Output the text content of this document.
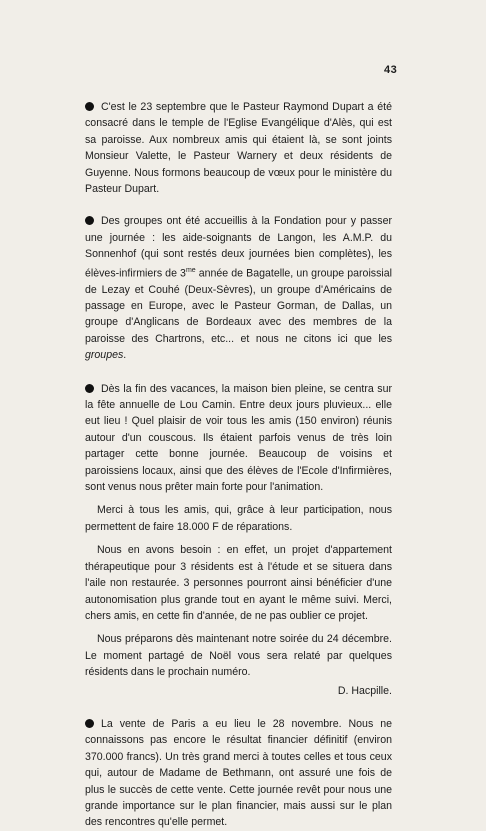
43

C'est le 23 septembre que le Pasteur Raymond Dupart a été consacré dans le temple de l'Eglise Evangélique d'Alès, qui est sa paroisse. Aux nombreux amis qui étaient là, se sont joints Monsieur Valette, le Pasteur Warnery et deux résidents de Guyenne. Nous formons beaucoup de vœux pour le ministère du Pasteur Dupart.

Des groupes ont été accueillis à la Fondation pour y passer une journée : les aide-soignants de Langon, les A.M.P. du Sonnenhof (qui sont restés deux journées bien complètes), les élèves-infirmiers de $3^{me}$ année de Bagatelle, un groupe paroissial de Lezay et Couhé (Deux-Sèvres), un groupe d'Américains de passage en Europe, avec le Pasteur Gorman, de Dallas, un groupe d'Anglicans de Bordeaux avec des membres de la paroisse des Chartrons, etc... et nous ne citons ici que les groupes.

Dès la fin des vacances, la maison bien pleine, se centra sur la fête annuelle de Lou Camin. Entre deux jours pluvieux... elle eut lieu ! Quel plaisir de voir tous les amis (150 environ) réunis autour d'un couscous. Ils étaient parfois venus de très loin partager cette bonne journée. Beaucoup de voisins et paroissiens locaux, ainsi que des élèves de l'Ecole d'Infirmières, sont venus nous prêter main forte pour l'animation.

Merci à tous les amis, qui, grâce à leur participation, nous permettent de faire 18.000 F de réparations.

Nous en avons besoin : en effet, un projet d'appartement thérapeutique pour 3 résidents est à l'étude et se situera dans l'aile non restaurée. 3 personnes pourront ainsi bénéficier d'une autonomisation plus grande tout en ayant le même suivi. Merci, chers amis, en cette fin d'année, de ne pas oublier ce projet.

Nous préparons dès maintenant notre soirée du 24 décembre. Le moment partagé de Noël vous sera relaté par quelques résidents dans le prochain numéro.

D. Hacpille.

La vente de Paris a eu lieu le 28 novembre. Nous ne connaissons pas encore le résultat financier définitif (environ 370.000 francs). Un très grand merci à toutes celles et tous ceux qui, autour de Madame de Bethmann, ont assuré une fois de plus le succès de cette vente. Cette journée revêt pour nous une grande importance sur le plan financier, mais aussi sur le plan des rencontres qu'elle permet.
